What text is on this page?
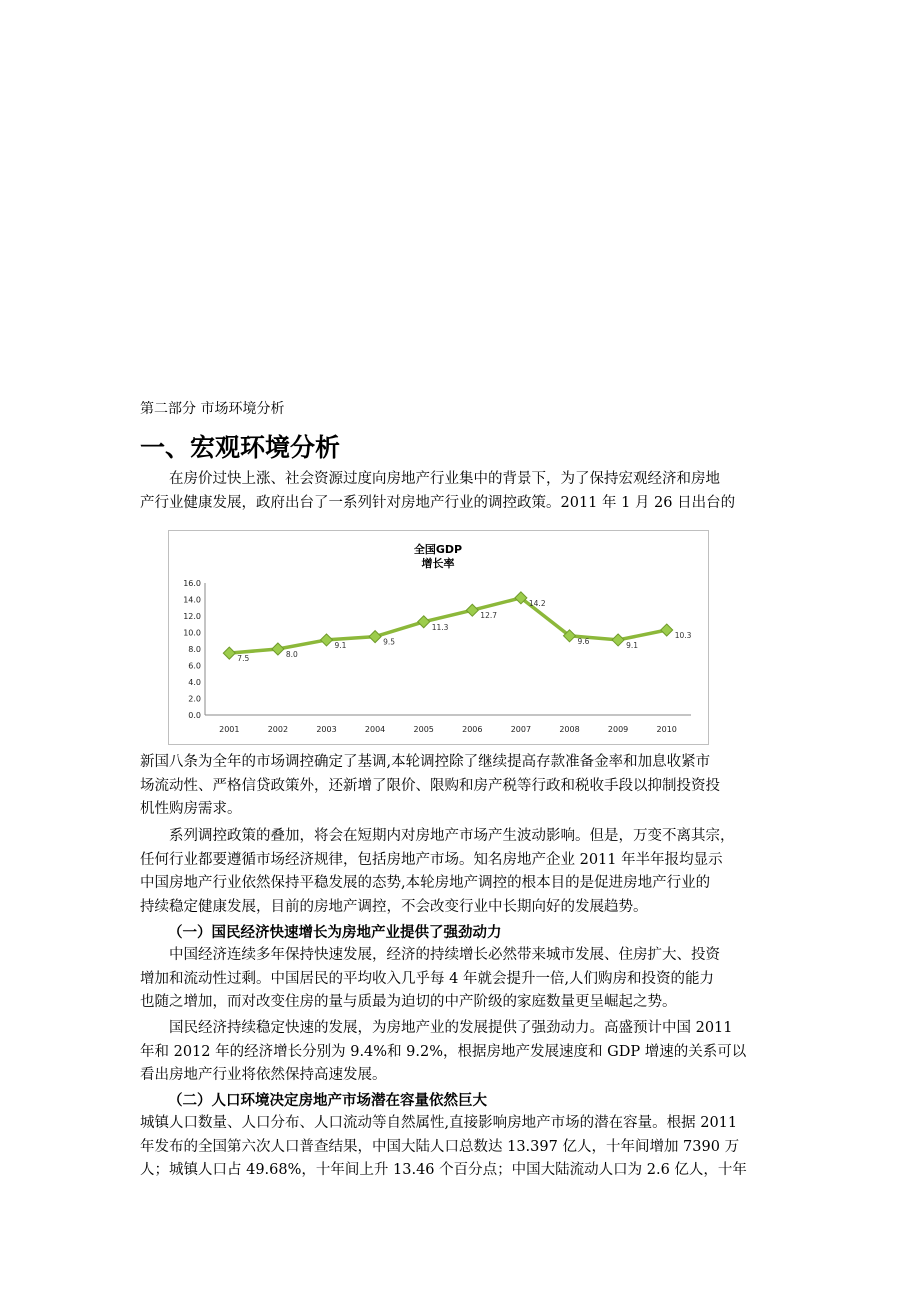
第二部分 市场环境分析
一、宏观环境分析
在房价过快上涨、社会资源过度向房地产行业集中的背景下，为了保持宏观经济和房地
产行业健康发展，政府出台了一系列针对房地产行业的调控政策。2011 年 1 月 26 日出台的
全国GDP
增长率
0.0
2.0
4.0
6.0
8.0
10.0
12.0
14.0
16.0
2001	2002	2003	2004	2005	2006	2007	2008	2009	2010
7.5	8.0
9.1	9.5
11.3
12.7
14.2
9.6	9.1
10.3
新国八条为全年的市场调控确定了基调,本轮调控除了继续提高存款准备金率和加息收紧市
场流动性、严格信贷政策外，还新增了限价、限购和房产税等行政和税收手段以抑制投资投
机性购房需求。
系列调控政策的叠加，将会在短期内对房地产市场产生波动影响。但是，万变不离其宗，
任何行业都要遵循市场经济规律，包括房地产市场。知名房地产企业 2011 年半年报均显示
中国房地产行业依然保持平稳发展的态势,本轮房地产调控的根本目的是促进房地产行业的
持续稳定健康发展，目前的房地产调控，不会改变行业中长期向好的发展趋势。
（一）国民经济快速增长为房地产业提供了强劲动力
中国经济连续多年保持快速发展，经济的持续增长必然带来城市发展、住房扩大、投资
增加和流动性过剩。中国居民的平均收入几乎每 4 年就会提升一倍,人们购房和投资的能力
也随之增加，而对改变住房的量与质最为迫切的中产阶级的家庭数量更呈崛起之势。
国民经济持续稳定快速的发展，为房地产业的发展提供了强劲动力。高盛预计中国 2011
年和 2012 年的经济增长分别为 9.4%和 9.2%，根据房地产发展速度和 GDP 增速的关系可以
看出房地产行业将依然保持高速发展。
（二）人口环境决定房地产市场潜在容量依然巨大
城镇人口数量、人口分布、人口流动等自然属性,直接影响房地产市场的潜在容量。根据 2011
年发布的全国第六次人口普查结果，中国大陆人口总数达 13.397 亿人，十年间增加 7390 万
人；城镇人口占 49.68%，十年间上升 13.46 个百分点；中国大陆流动人口为 2.6 亿人，十年
